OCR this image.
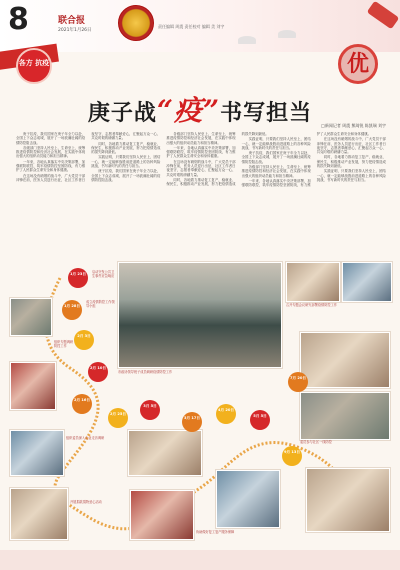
8	联合报
2021年1月26日
责任编辑 周震 责任校对 编辑 美 刘宇
各方 抗疫	优
庚子战“疫”书写担当	□新闻记者 周震 熊琦锐 陈凯瑞 刘宇

庚子抗疫，我们国家在庚子年全力以赴，全国上下众志成城，展开了一场波澜壮阔的疫情防控阻击战。

各级部门坚持人民至上、生命至上，统筹推进疫情防控和经济社会发展，在实践中体现出强大的组织动员能力和担当精神。

一年来，各地认真落实中央决策部署，加强联防联控，筑牢疫情防控坚固防线，有力维护了人民群众生命安全和身体健康。

在这场没有硝烟的战斗中，广大党员干部冲锋在前，医务人员逆行出征，社区工作者日夜坚守，志愿者奉献爱心，汇聚起万众一心、共克时艰的磅礴力量。

同时，各地着力推动复工复产，稳就业、保民生，积极推动产业发展，努力把疫情造成的损失降到最低。

实践证明，只要我们坚持人民至上，团结一心，就一定能够战胜前进道路上的各种风险挑战，书写新时代的责任与担当。

庚子抗疫，我们国家在庚子年全力以赴，全国上下众志成城，展开了一场波澜壮阔的疫情防控阻击战。

各级部门坚持人民至上、生命至上，统筹推进疫情防控和经济社会发展，在实践中体现出强大的组织动员能力和担当精神。

一年来，各地认真落实中央决策部署，加强联防联控，筑牢疫情防控坚固防线，有力维护了人民群众生命安全和身体健康。

在这场没有硝烟的战斗中，广大党员干部冲锋在前，医务人员逆行出征，社区工作者日夜坚守，志愿者奉献爱心，汇聚起万众一心、共克时艰的磅礴力量。

同时，各地着力推动复工复产，稳就业、保民生，积极推动产业发展，努力把疫情造成的损失降到最低。

实践证明，只要我们坚持人民至上，团结一心，就一定能够战胜前进道路上的各种风险挑战，书写新时代的责任与担当。

庚子抗疫，我们国家在庚子年全力以赴，全国上下众志成城，展开了一场波澜壮阔的疫情防控阻击战。

各级部门坚持人民至上、生命至上，统筹推进疫情防控和经济社会发展，在实践中体现出强大的组织动员能力和担当精神。

一年来，各地认真落实中央决策部署，加强联防联控，筑牢疫情防控坚固防线，有力维护了人民群众生命安全和身体健康。

在这场没有硝烟的战斗中，广大党员干部冲锋在前，医务人员逆行出征，社区工作者日夜坚守，志愿者奉献爱心，汇聚起万众一心、共克时艰的磅礴力量。

同时，各地着力推动复工复产，稳就业、保民生，积极推动产业发展，努力把疫情造成的损失降到最低。

实践证明，只要我们坚持人民至上，团结一心，就一定能够战胜前进道路上的各种风险挑战，书写新时代的责任与担当。

1月 23日
1月 28日
2月 3日
2月 10日
2月 16日
2月 25日
3月 5日
3月 17日
4月 20日
5月 5日
7月 20日
9月 13日
启动突发公共卫生事件应急响应
成立疫情防控工作领导小组
组织专题调研防控工作
市政协领导班子成员调研疫情防控工作
召开专题会议研究部署疫情防控工作
组织委员深入企业走访调研
委员参与社区一线防控
开展捐款捐物爱心活动
协助做好复工复产服务保障
